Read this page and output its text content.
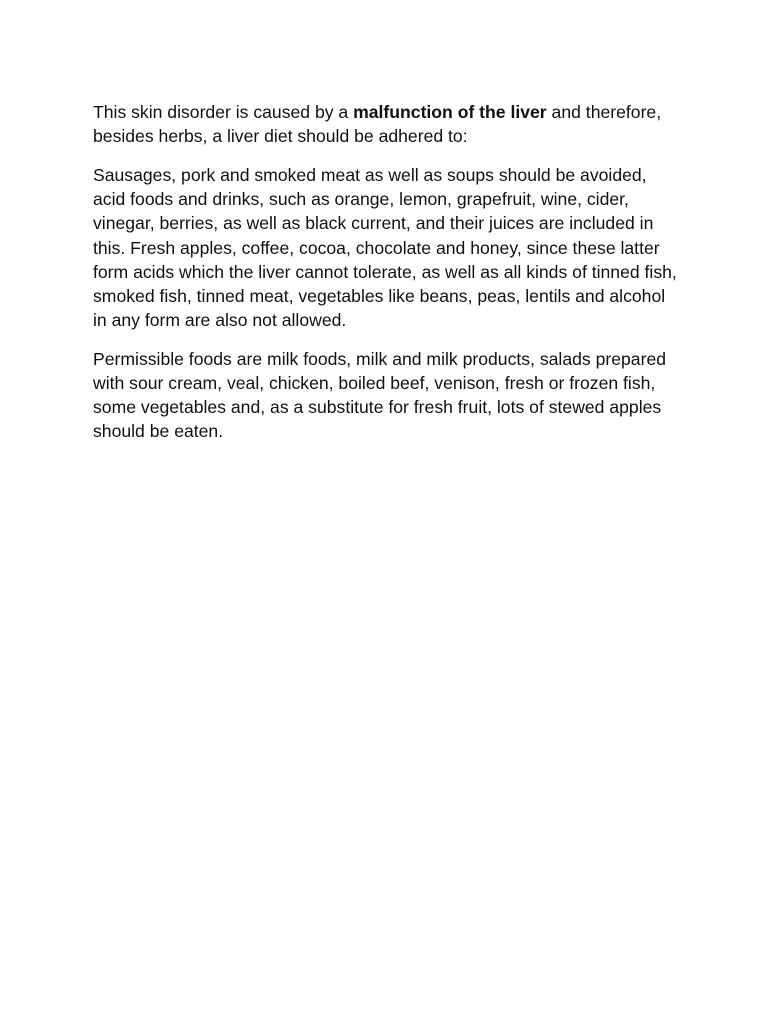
This skin disorder is caused by a malfunction of the liver and therefore, besides herbs, a liver diet should be adhered to:

Sausages, pork and smoked meat as well as soups should be avoided, acid foods and drinks, such as orange, lemon, grapefruit, wine, cider, vinegar, berries, as well as black current, and their juices are included in this. Fresh apples, coffee, cocoa, chocolate and honey, since these latter form acids which the liver cannot tolerate, as well as all kinds of tinned fish, smoked fish, tinned meat, vegetables like beans, peas, lentils and alcohol in any form are also not allowed.

Permissible foods are milk foods, milk and milk products, salads prepared with sour cream, veal, chicken, boiled beef, venison, fresh or frozen fish, some vegetables and, as a substitute for fresh fruit, lots of stewed apples should be eaten.
